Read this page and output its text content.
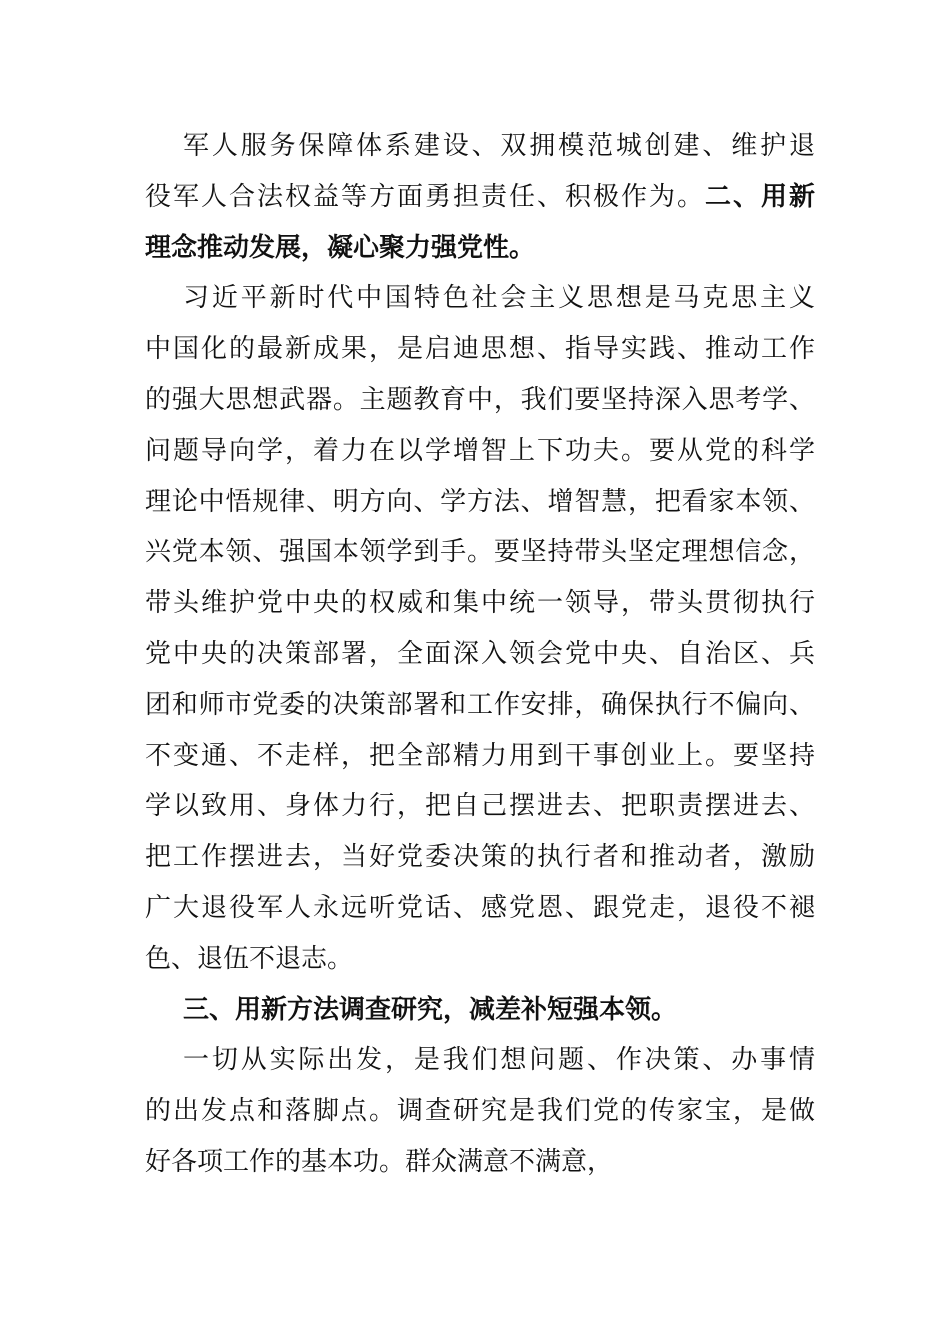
军人服务保障体系建设、双拥模范城创建、维护退
役军人合法权益等方面勇担责任、积极作为。二、用新
理念推动发展，凝心聚力强党性。
习近平新时代中国特色社会主义思想是马克思主义
中国化的最新成果，是启迪思想、指导实践、推动工作
的强大思想武器。主题教育中，我们要坚持深入思考学、
问题导向学，着力在以学增智上下功夫。要从党的科学
理论中悟规律、明方向、学方法、增智慧，把看家本领、
兴党本领、强国本领学到手。要坚持带头坚定理想信念，
带头维护党中央的权威和集中统一领导，带头贯彻执行
党中央的决策部署，全面深入领会党中央、自治区、兵
团和师市党委的决策部署和工作安排，确保执行不偏向、
不变通、不走样，把全部精力用到干事创业上。要坚持
学以致用、身体力行，把自己摆进去、把职责摆进去、
把工作摆进去，当好党委决策的执行者和推动者，激励
广大退役军人永远听党话、感党恩、跟党走，退役不褪
色、退伍不退志。
三、用新方法调查研究，减差补短强本领。
一切从实际出发，是我们想问题、作决策、办事情
的出发点和落脚点。调查研究是我们党的传家宝，是做
好各项工作的基本功。群众满意不满意，
